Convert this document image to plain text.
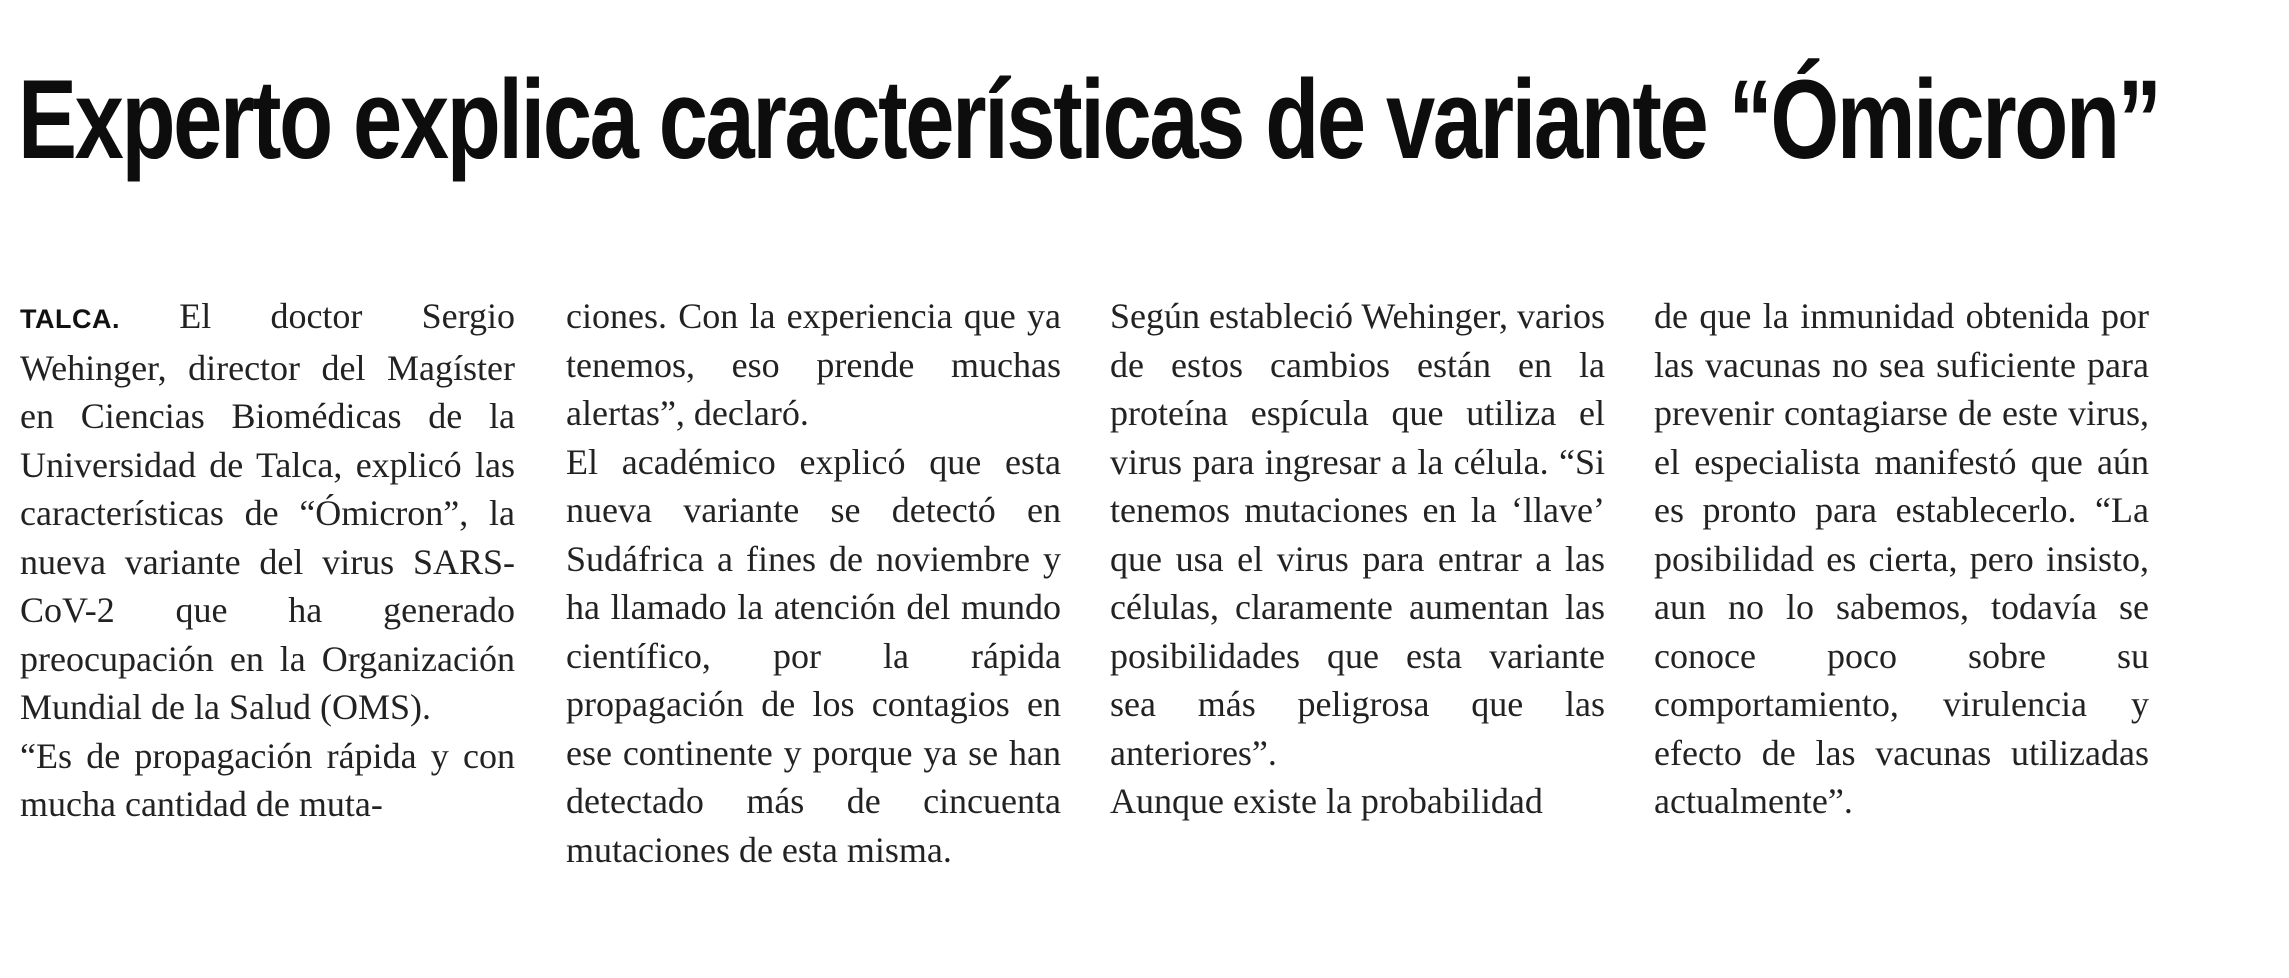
Experto explica características de variante “Ómicron”

TALCA. El doctor Sergio Wehinger, director del Magíster en Ciencias Biomédicas de la Universidad de Talca, explicó las características de “Ómicron”, la nueva variante del virus SARS-CoV-2 que ha generado preocupación en la Organización Mundial de la Salud (OMS).

“Es de propagación rápida y con mucha cantidad de muta-

ciones. Con la experiencia que ya tenemos, eso prende muchas alertas”, declaró.

El académico explicó que esta nueva variante se detectó en Sudáfrica a fines de noviembre y ha llamado la atención del mundo científico, por la rápida propagación de los contagios en ese continente y porque ya se han detectado más de cincuenta mutaciones de esta misma.

Según estableció Wehinger, varios de estos cambios están en la proteína espícula que utiliza el virus para ingresar a la célula. “Si tenemos mutaciones en la ‘llave’ que usa el virus para entrar a las células, claramente aumentan las posibilidades que esta variante sea más peligrosa que las anteriores”.

Aunque existe la probabilidad

de que la inmunidad obtenida por las vacunas no sea suficiente para prevenir contagiarse de este virus, el especialista manifestó que aún es pronto para establecerlo. “La posibilidad es cierta, pero insisto, aun no lo sabemos, todavía se conoce poco sobre su comportamiento, virulencia y efecto de las vacunas utilizadas actualmente”.
